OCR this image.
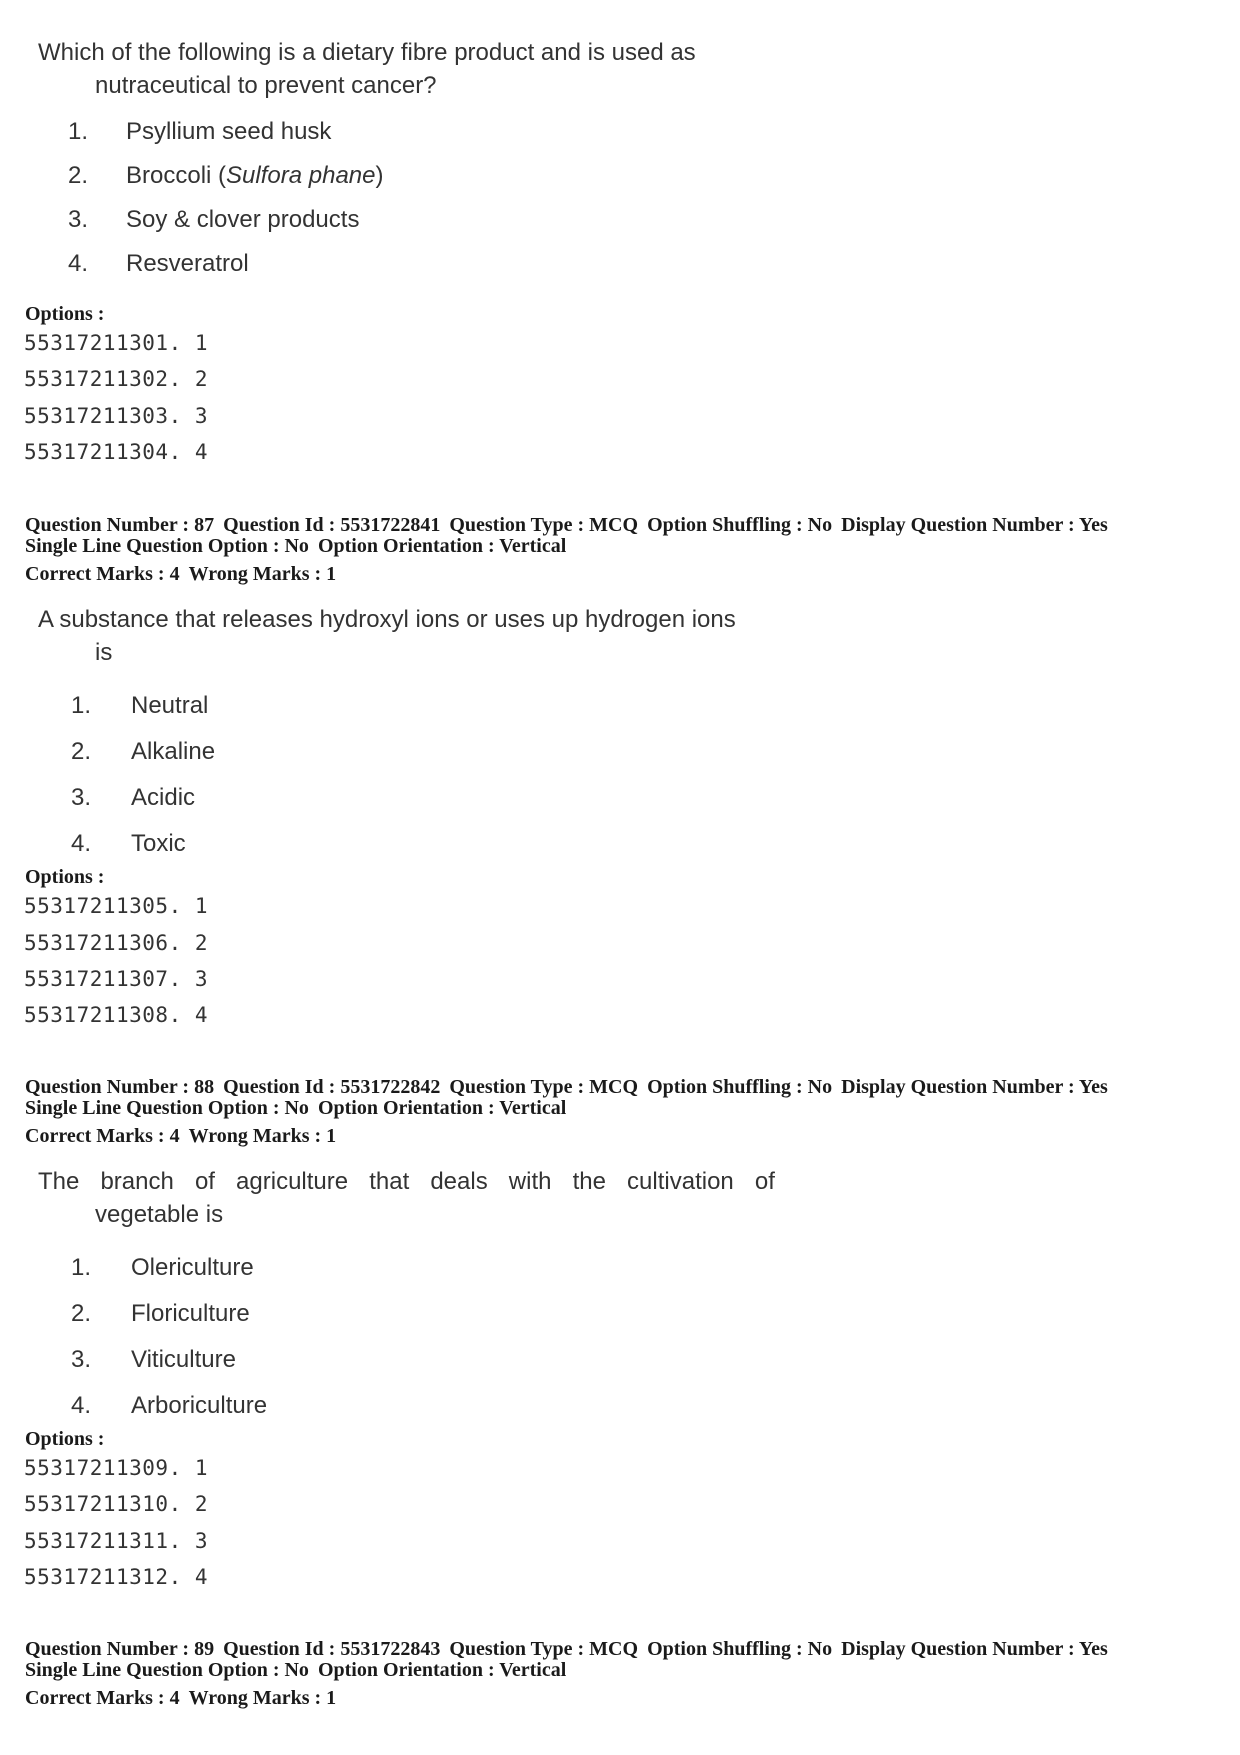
Which of the following is a dietary fibre product and is used as
nutraceutical to prevent cancer?
1.	Psyllium seed husk
2.	Broccoli (Sulfora phane)
3.	Soy & clover products
4.	Resveratrol
Options :
55317211301. 1
55317211302. 2
55317211303. 3
55317211304. 4
Question Number : 87 Question Id : 5531722841 Question Type : MCQ Option Shuffling : No Display Question Number : Yes
Single Line Question Option : No Option Orientation : Vertical
Correct Marks : 4 Wrong Marks : 1
A substance that releases hydroxyl ions or uses up hydrogen ions
is
1.	Neutral
2.	Alkaline
3.	Acidic
4.	Toxic
Options :
55317211305. 1
55317211306. 2
55317211307. 3
55317211308. 4
Question Number : 88 Question Id : 5531722842 Question Type : MCQ Option Shuffling : No Display Question Number : Yes
Single Line Question Option : No Option Orientation : Vertical
Correct Marks : 4 Wrong Marks : 1
The branch of agriculture that deals with the cultivation of
vegetable is
1.	Olericulture
2.	Floriculture
3.	Viticulture
4.	Arboriculture
Options :
55317211309. 1
55317211310. 2
55317211311. 3
55317211312. 4
Question Number : 89 Question Id : 5531722843 Question Type : MCQ Option Shuffling : No Display Question Number : Yes
Single Line Question Option : No Option Orientation : Vertical
Correct Marks : 4 Wrong Marks : 1
